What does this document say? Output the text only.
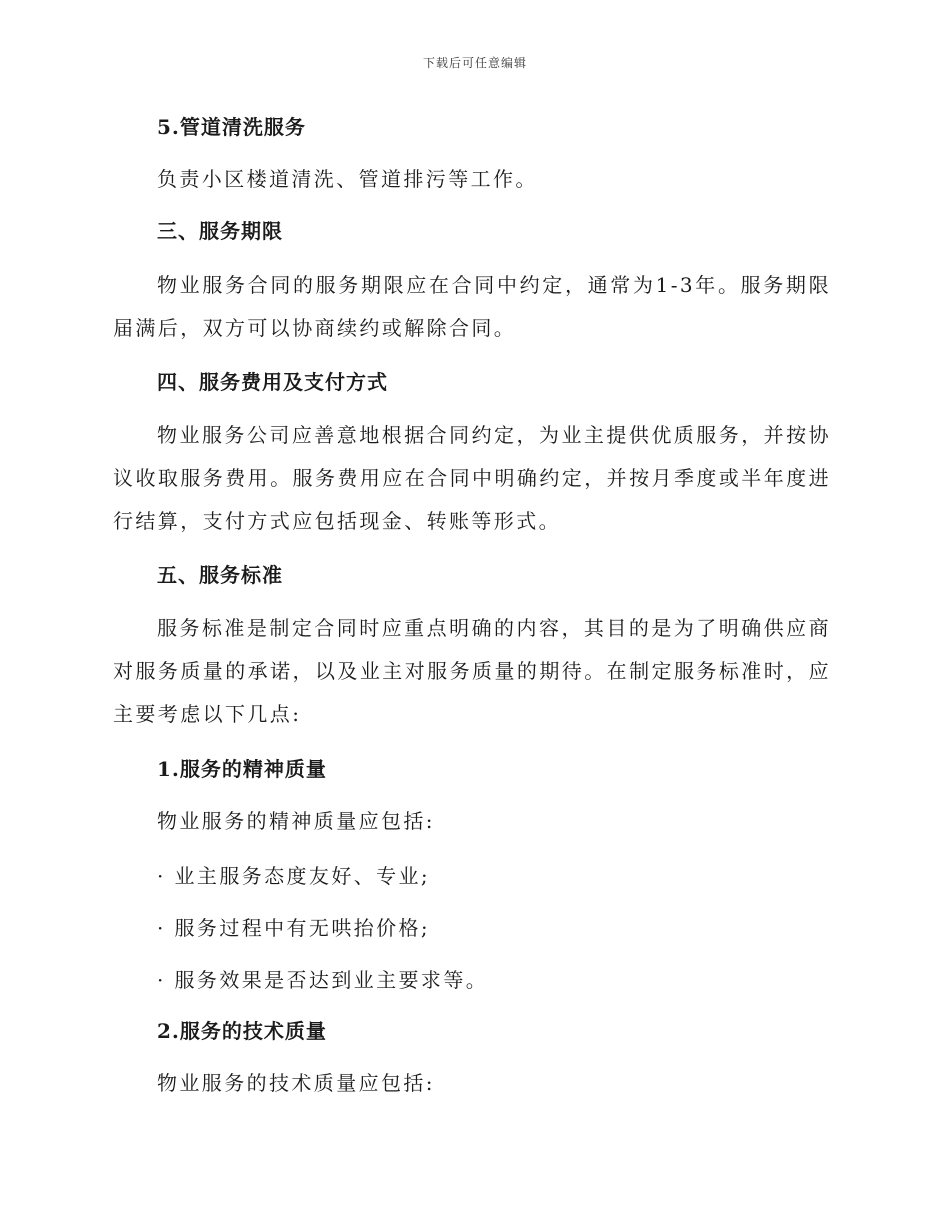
下载后可任意编辑
5.管道清洗服务

负责小区楼道清洗、管道排污等工作。

三、服务期限

物业服务合同的服务期限应在合同中约定，通常为1-3年。服务期限届满后，双方可以协商续约或解除合同。

四、服务费用及支付方式

物业服务公司应善意地根据合同约定，为业主提供优质服务，并按协议收取服务费用。服务费用应在合同中明确约定，并按月季度或半年度进行结算，支付方式应包括现金、转账等形式。

五、服务标准

服务标准是制定合同时应重点明确的内容，其目的是为了明确供应商对服务质量的承诺，以及业主对服务质量的期待。在制定服务标准时，应主要考虑以下几点:

1.服务的精神质量

物业服务的精神质量应包括:

· 业主服务态度友好、专业;

· 服务过程中有无哄抬价格;

· 服务效果是否达到业主要求等。

2.服务的技术质量

物业服务的技术质量应包括:
